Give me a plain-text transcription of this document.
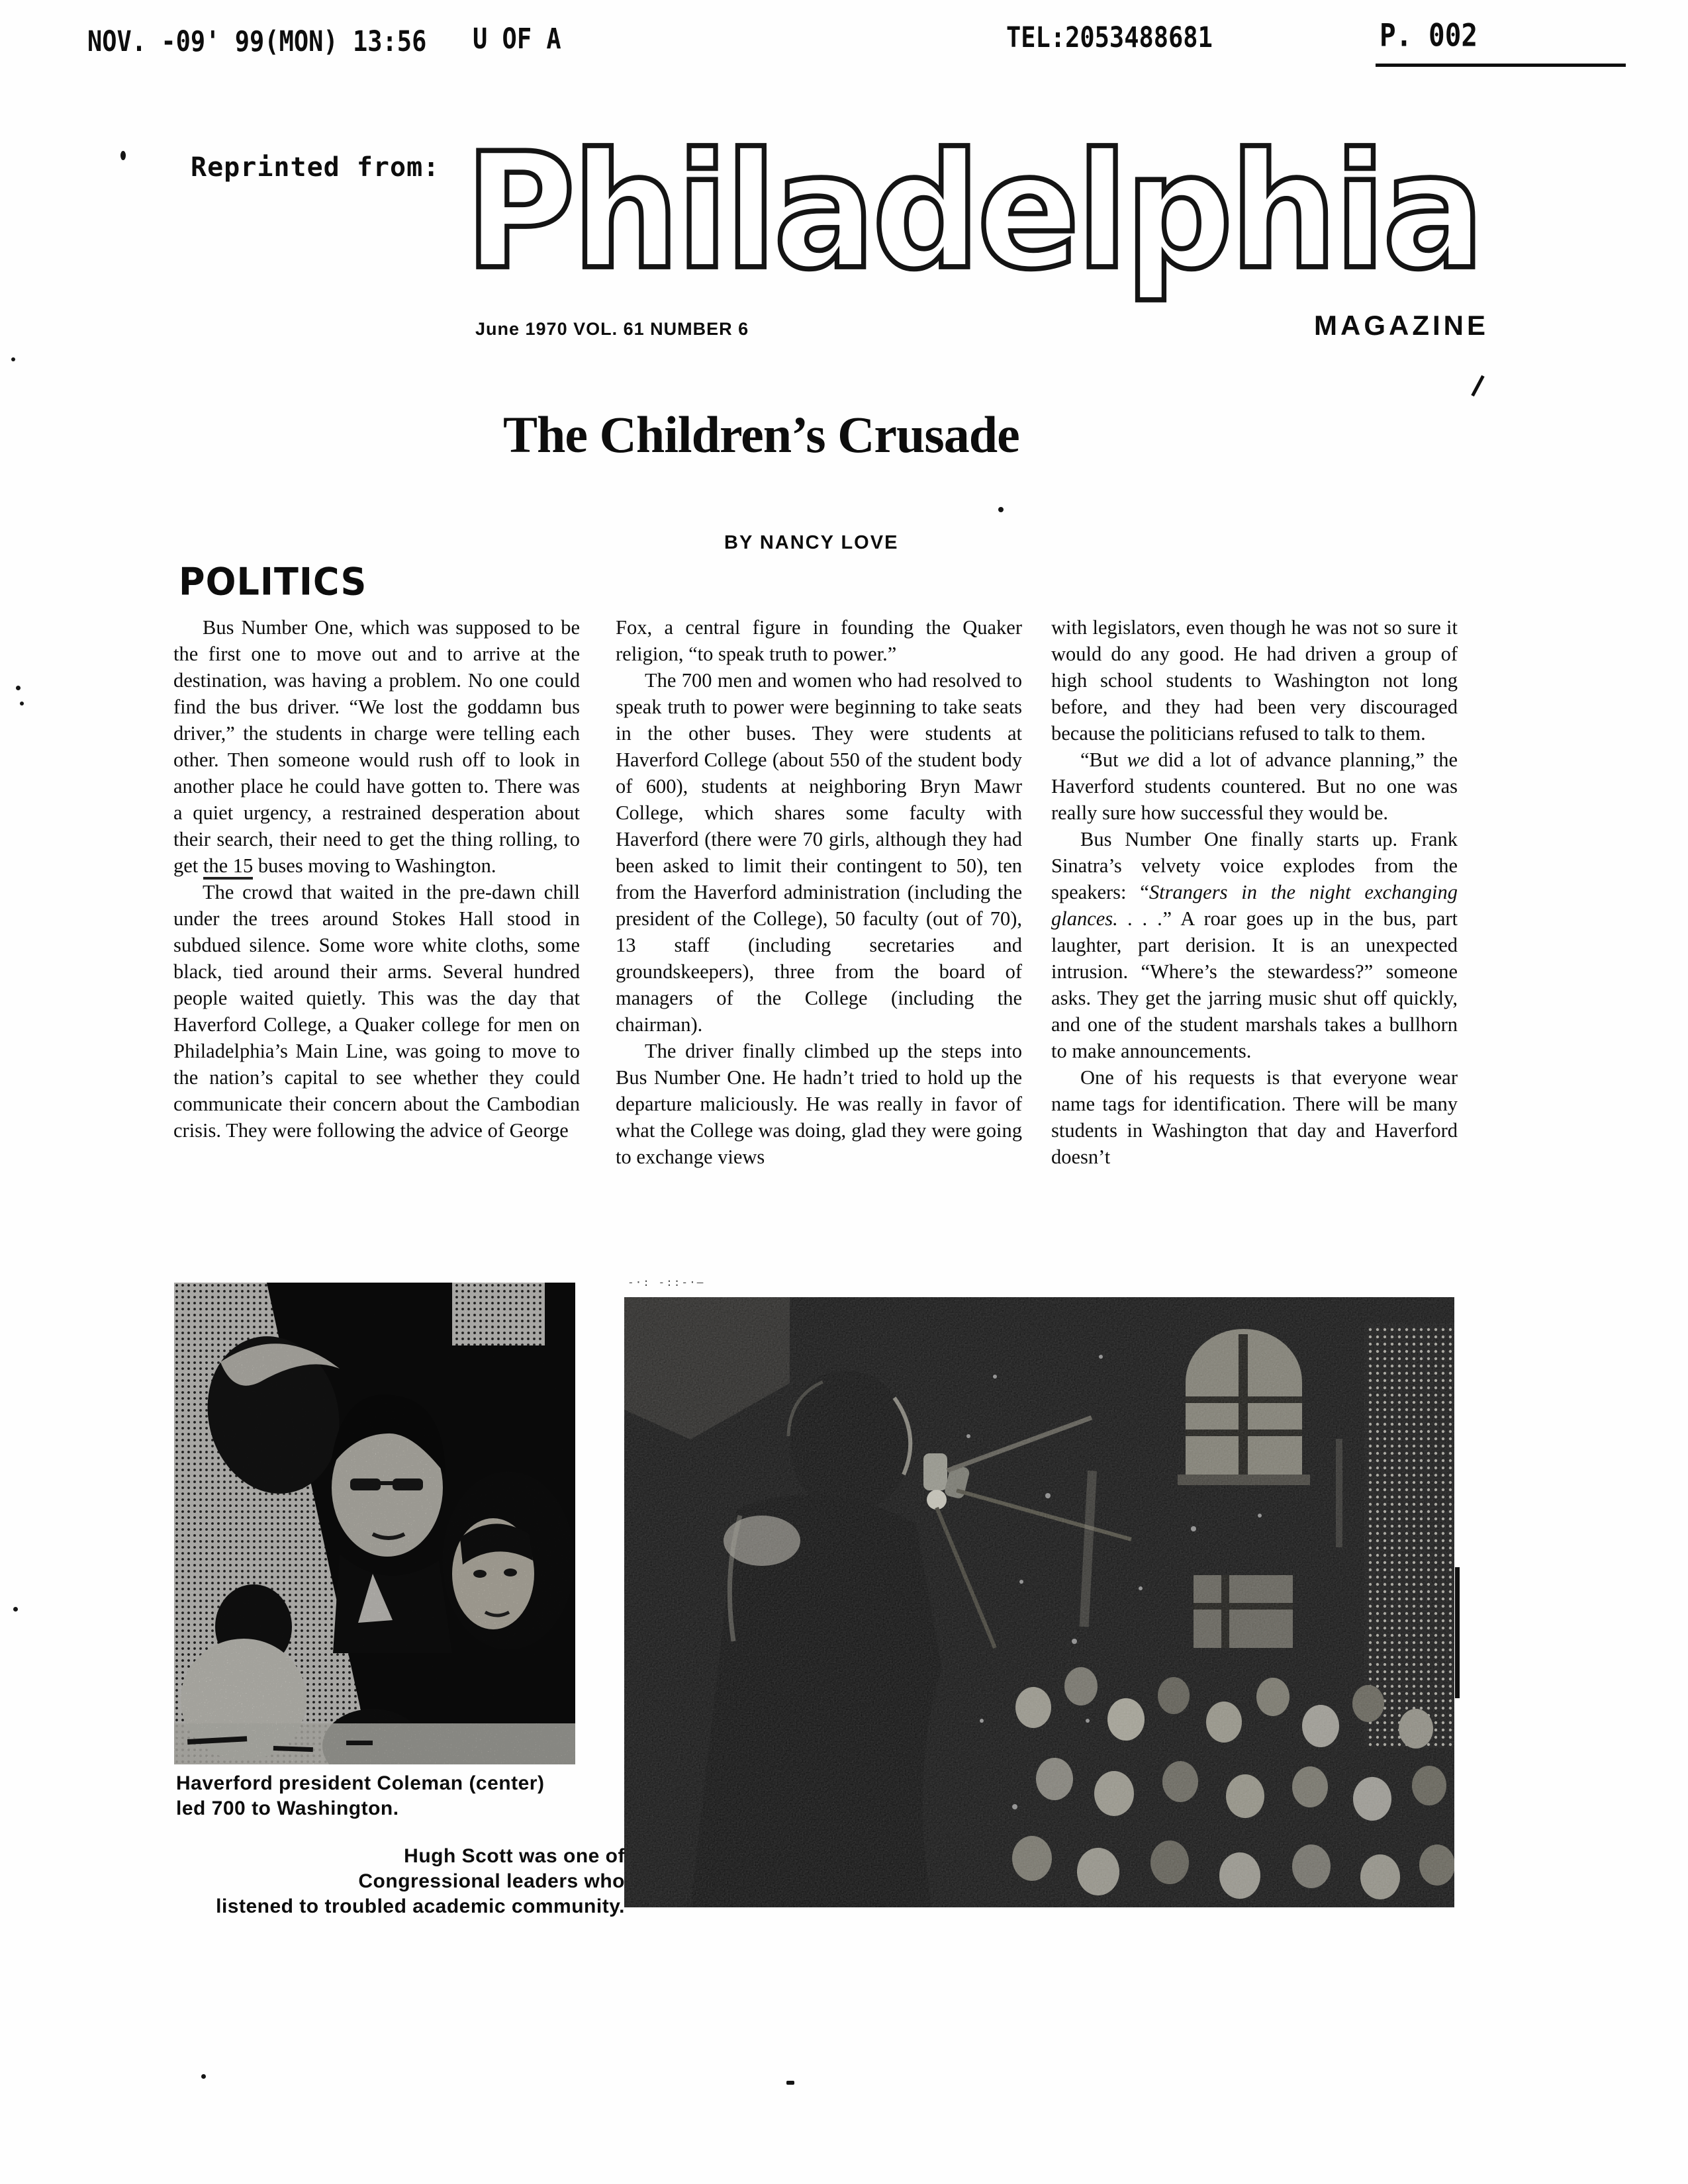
NOV. -09' 99(MON) 13:56 U OF A	TEL:2053488681	P. 002
Reprinted from: Philadelphia
June 1970 VOL. 61 NUMBER 6	MAGAZINE
The Children’s Crusade
BY NANCY LOVE
POLITICS

Bus Number One, which was supposed to be the first one to move out and to arrive at the destination, was having a problem. No one could find the bus driver. “We lost the goddamn bus driver,” the students in charge were telling each other. Then someone would rush off to look in another place he could have gotten to. There was a quiet urgency, a restrained desperation about their search, their need to get the thing rolling, to get the 15 buses moving to Washington.

The crowd that waited in the pre-dawn chill under the trees around Stokes Hall stood in subdued silence. Some wore white cloths, some black, tied around their arms. Several hundred people waited quietly. This was the day that Haverford College, a Quaker college for men on Philadelphia’s Main Line, was going to move to the nation’s capital to see whether they could communicate their concern about the Cambodian crisis. They were following the advice of George

Fox, a central figure in founding the Quaker religion, “to speak truth to power.”

The 700 men and women who had resolved to speak truth to power were beginning to take seats in the other buses. They were students at Haverford College (about 550 of the student body of 600), students at neighboring Bryn Mawr College, which shares some faculty with Haverford (there were 70 girls, although they had been asked to limit their contingent to 50), ten from the Haverford administration (including the president of the College), 50 faculty (out of 70), 13 staff (including secretaries and groundskeepers), three from the board of managers of the College (including the chairman).

The driver finally climbed up the steps into Bus Number One. He hadn’t tried to hold up the departure maliciously. He was really in favor of what the College was doing, glad they were going to exchange views

with legislators, even though he was not so sure it would do any good. He had driven a group of high school students to Washington not long before, and they had been very discouraged because the politicians refused to talk to them.

“But we did a lot of advance planning,” the Haverford students countered. But no one was really sure how successful they would be.

Bus Number One finally starts up. Frank Sinatra’s velvety voice explodes from the speakers: “Strangers in the night exchanging glances. . . .” A roar goes up in the bus, part laughter, part derision. It is an unexpected intrusion. “Where’s the stewardess?” someone asks. They get the jarring music shut off quickly, and one of the student marshals takes a bullhorn to make announcements.

One of his requests is that everyone wear name tags for identification. There will be many students in Washington that day and Haverford doesn’t

Haverford president Coleman (center)
led 700 to Washington.
Hugh Scott was one of
Congressional leaders who
listened to troubled academic community.
-·: -::-·—
